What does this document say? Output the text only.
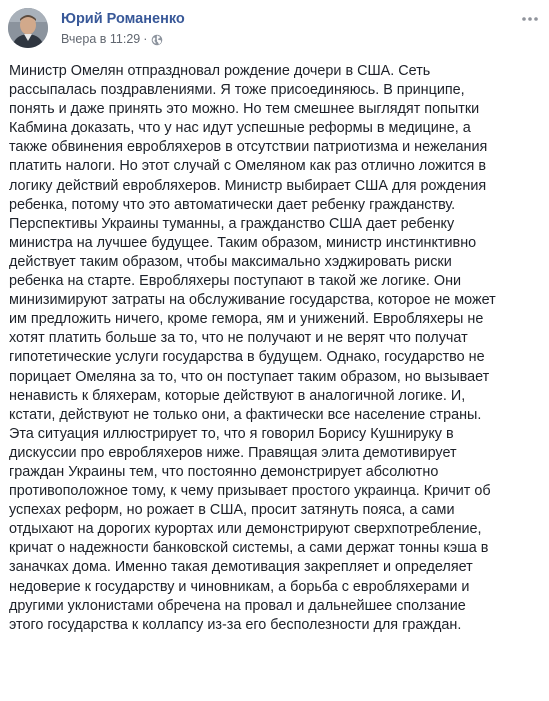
Юрий Романенко
Вчера в 11:29 ·
Министр Омелян отпраздновал рождение дочери в США. Сеть
рассыпалась поздравлениями. Я тоже присоединяюсь. В принципе,
понять и даже принять это можно. Но тем смешнее выглядят попытки
Кабмина доказать, что у нас идут успешные реформы в медицине, а
также обвинения евробляхеров в отсутствии патриотизма и нежелания
платить налоги. Но этот случай с Омеляном как раз отлично ложится в
логику действий евробляхеров. Министр выбирает США для рождения
ребенка, потому что это автоматически дает ребенку гражданству.
Перспективы Украины туманны, а гражданство США дает ребенку
министра на лучшее будущее. Таким образом, министр инстинктивно
действует таким образом, чтобы максимально хэджировать риски
ребенка на старте. Евробляхеры поступают в такой же логике. Они
минизимируют затраты на обслуживание государства, которое не может
им предложить ничего, кроме гемора, ям и унижений. Евробляхеры не
хотят платить больше за то, что не получают и не верят что получат
гипотетические услуги государства в будущем. Однако, государство не
порицает Омеляна за то, что он поступает таким образом, но вызывает
ненависть к бляхерам, которые действуют в аналогичной логике. И,
кстати, действуют не только они, а фактически все население страны.
Эта ситуация иллюстрирует то, что я говорил Борису Кушнируку в
дискуссии про евробляхеров ниже. Правящая элита демотивирует
граждан Украины тем, что постоянно демонстрирует абсолютно
противоположное тому, к чему призывает простого украинца. Кричит об
успехах реформ, но рожает в США, просит затянуть пояса, а сами
отдыхают на дорогих курортах или демонстрируют сверхпотребление,
кричат о надежности банковской системы, а сами держат тонны кэша в
заначках дома. Именно такая демотивация закрепляет и определяет
недоверие к государству и чиновникам, а борьба с евробляхерами и
другими уклонистами обречена на провал и дальнейшее сползание
этого государства к коллапсу из-за его бесполезности для граждан.
